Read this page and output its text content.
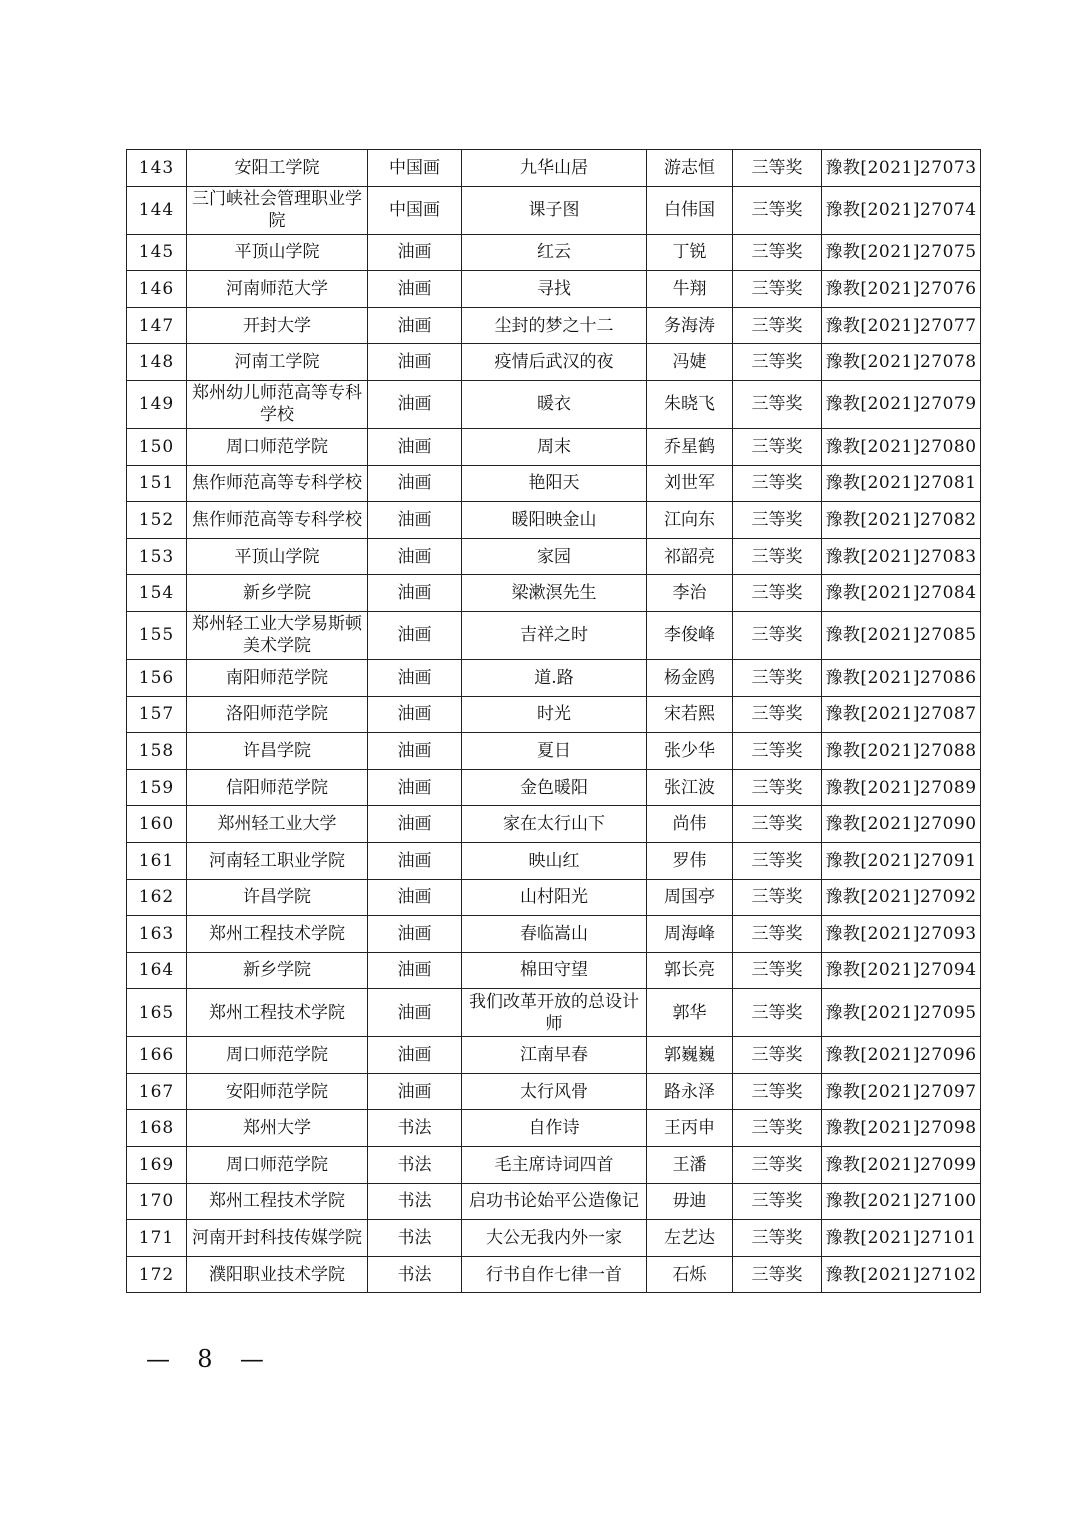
143	安阳工学院	中国画	九华山居	游志恒	三等奖	豫教[2021]27073
144	三门峡社会管理职业学院	中国画	课子图	白伟国	三等奖	豫教[2021]27074
145	平顶山学院	油画	红云	丁锐	三等奖	豫教[2021]27075
146	河南师范大学	油画	寻找	牛翔	三等奖	豫教[2021]27076
147	开封大学	油画	尘封的梦之十二	务海涛	三等奖	豫教[2021]27077
148	河南工学院	油画	疫情后武汉的夜	冯婕	三等奖	豫教[2021]27078
149	郑州幼儿师范高等专科学校	油画	暖衣	朱晓飞	三等奖	豫教[2021]27079
150	周口师范学院	油画	周末	乔星鹤	三等奖	豫教[2021]27080
151	焦作师范高等专科学校	油画	艳阳天	刘世军	三等奖	豫教[2021]27081
152	焦作师范高等专科学校	油画	暖阳映金山	江向东	三等奖	豫教[2021]27082
153	平顶山学院	油画	家园	祁韶亮	三等奖	豫教[2021]27083
154	新乡学院	油画	梁漱溟先生	李治	三等奖	豫教[2021]27084
155	郑州轻工业大学易斯顿美术学院	油画	吉祥之时	李俊峰	三等奖	豫教[2021]27085
156	南阳师范学院	油画	道.路	杨金鸥	三等奖	豫教[2021]27086
157	洛阳师范学院	油画	时光	宋若熙	三等奖	豫教[2021]27087
158	许昌学院	油画	夏日	张少华	三等奖	豫教[2021]27088
159	信阳师范学院	油画	金色暖阳	张江波	三等奖	豫教[2021]27089
160	郑州轻工业大学	油画	家在太行山下	尚伟	三等奖	豫教[2021]27090
161	河南轻工职业学院	油画	映山红	罗伟	三等奖	豫教[2021]27091
162	许昌学院	油画	山村阳光	周国亭	三等奖	豫教[2021]27092
163	郑州工程技术学院	油画	春临嵩山	周海峰	三等奖	豫教[2021]27093
164	新乡学院	油画	棉田守望	郭长亮	三等奖	豫教[2021]27094
165	郑州工程技术学院	油画	我们改革开放的总设计师	郭华	三等奖	豫教[2021]27095
166	周口师范学院	油画	江南早春	郭巍巍	三等奖	豫教[2021]27096
167	安阳师范学院	油画	太行风骨	路永泽	三等奖	豫教[2021]27097
168	郑州大学	书法	自作诗	王丙申	三等奖	豫教[2021]27098
169	周口师范学院	书法	毛主席诗词四首	王潘	三等奖	豫教[2021]27099
170	郑州工程技术学院	书法	启功书论始平公造像记	毋迪	三等奖	豫教[2021]27100
171	河南开封科技传媒学院	书法	大公无我内外一家	左艺达	三等奖	豫教[2021]27101
172	濮阳职业技术学院	书法	行书自作七律一首	石烁	三等奖	豫教[2021]27102
— 8 —
